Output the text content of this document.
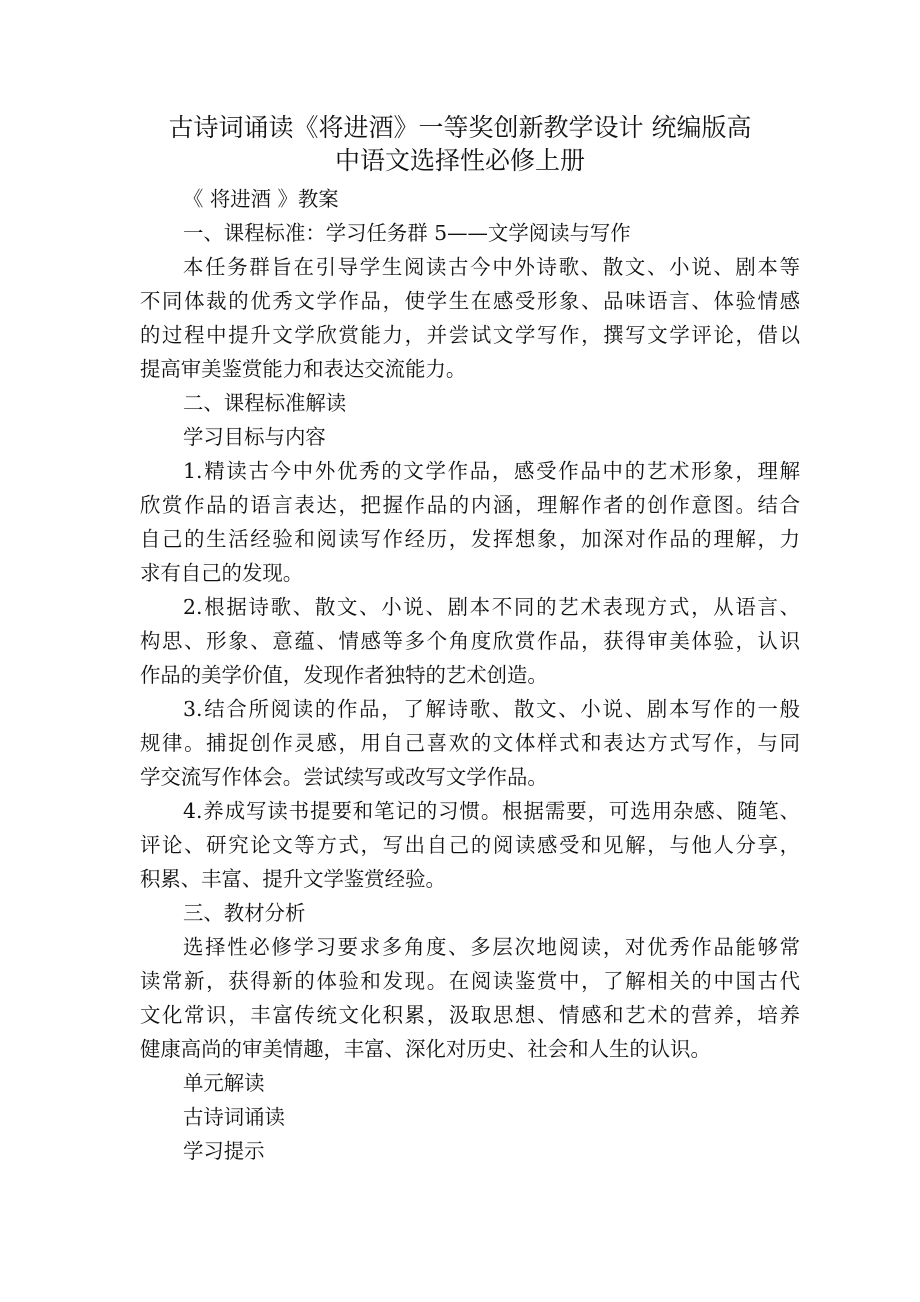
古诗词诵读《将进酒》一等奖创新教学设计 统编版高
中语文选择性必修上册
《 将进酒 》教案
一、课程标准：学习任务群 5——文学阅读与写作
本任务群旨在引导学生阅读古今中外诗歌、散文、小说、剧本等
不同体裁的优秀文学作品，使学生在感受形象、品味语言、体验情感
的过程中提升文学欣赏能力，并尝试文学写作，撰写文学评论，借以
提高审美鉴赏能力和表达交流能力。
二、课程标准解读
学习目标与内容
1.精读古今中外优秀的文学作品，感受作品中的艺术形象，理解
欣赏作品的语言表达，把握作品的内涵，理解作者的创作意图。结合
自己的生活经验和阅读写作经历，发挥想象，加深对作品的理解，力
求有自己的发现。
2.根据诗歌、散文、小说、剧本不同的艺术表现方式，从语言、
构思、形象、意蕴、情感等多个角度欣赏作品，获得审美体验，认识
作品的美学价值，发现作者独特的艺术创造。
3.结合所阅读的作品，了解诗歌、散文、小说、剧本写作的一般
规律。捕捉创作灵感，用自己喜欢的文体样式和表达方式写作，与同
学交流写作体会。尝试续写或改写文学作品。
4.养成写读书提要和笔记的习惯。根据需要，可选用杂感、随笔、
评论、研究论文等方式，写出自己的阅读感受和见解，与他人分享，
积累、丰富、提升文学鉴赏经验。
三、教材分析
选择性必修学习要求多角度、多层次地阅读，对优秀作品能够常
读常新，获得新的体验和发现。在阅读鉴赏中，了解相关的中国古代
文化常识，丰富传统文化积累，汲取思想、情感和艺术的营养，培养
健康高尚的审美情趣，丰富、深化对历史、社会和人生的认识。
单元解读
古诗词诵读
学习提示
